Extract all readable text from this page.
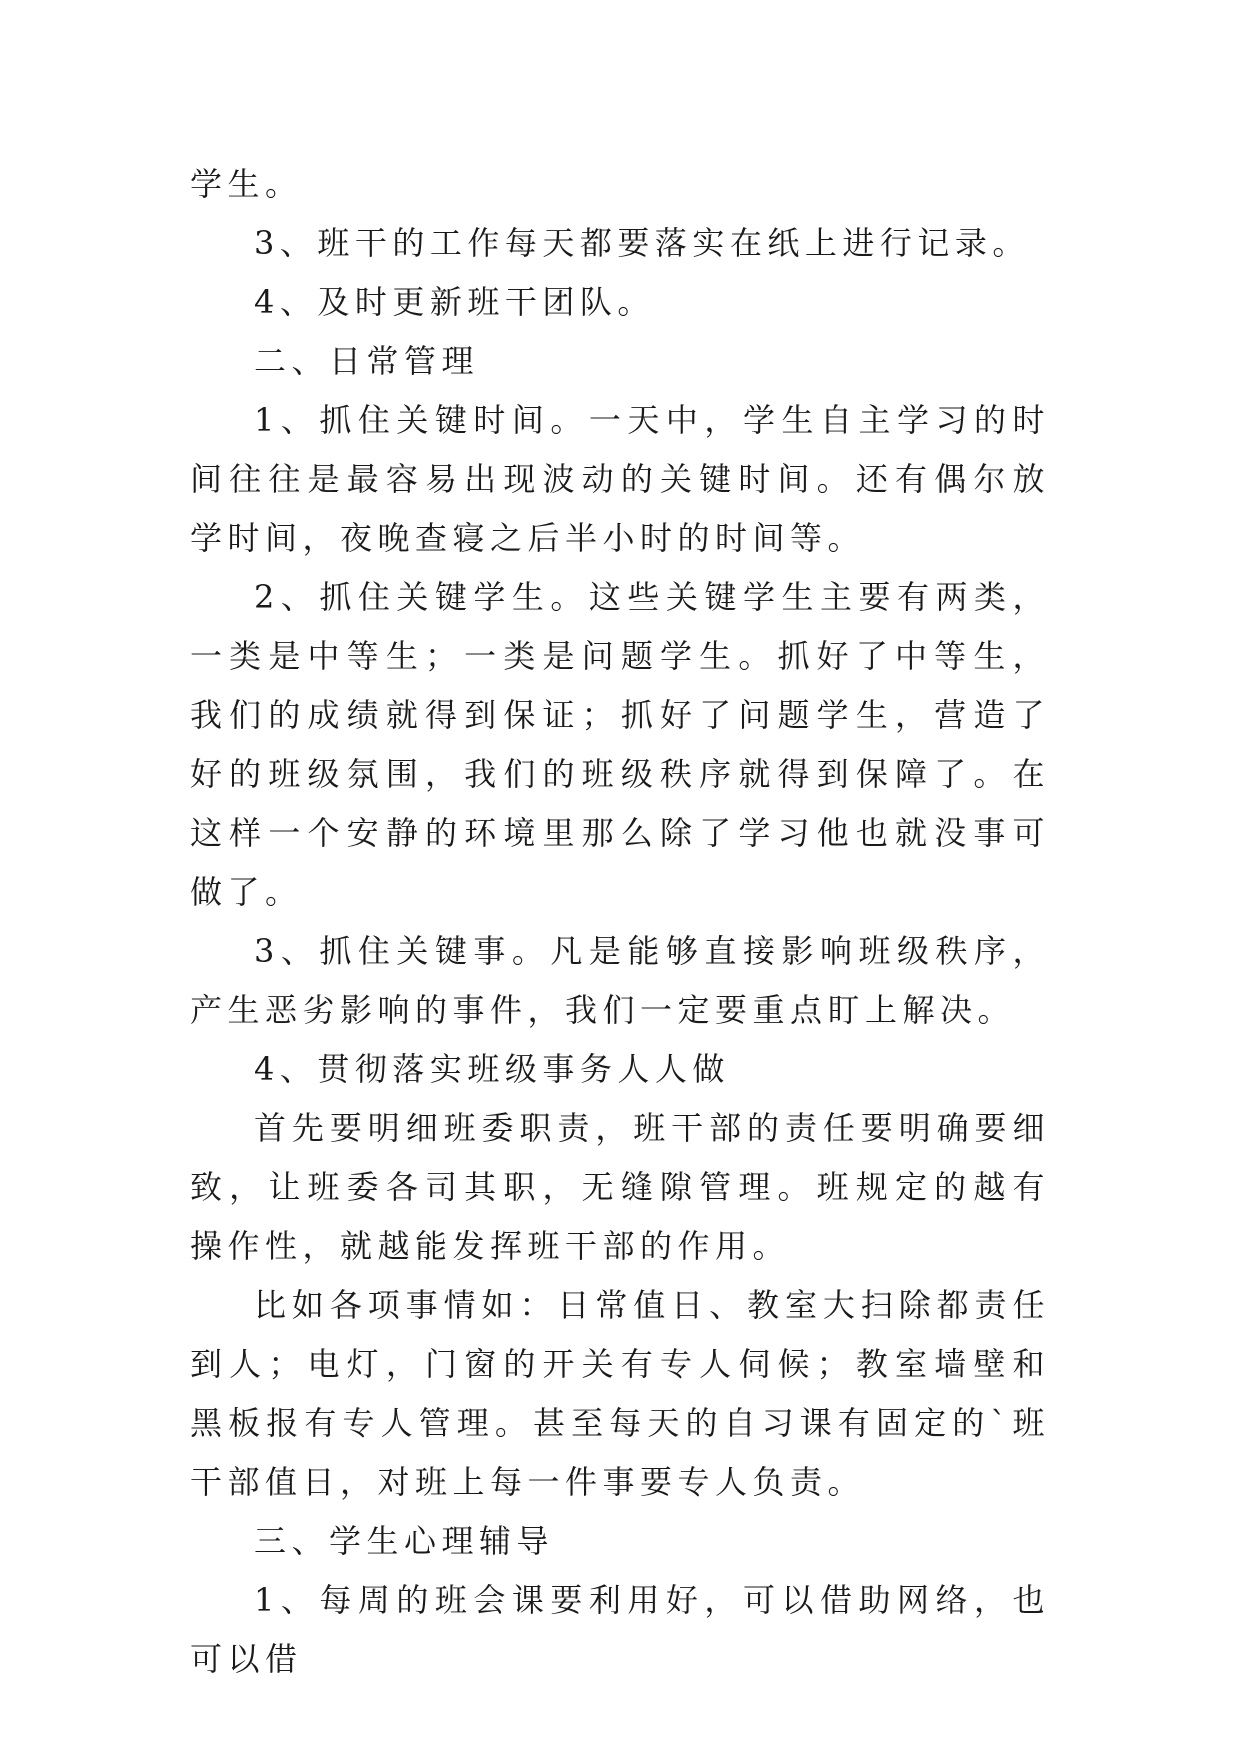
学生。

3、班干的工作每天都要落实在纸上进行记录。

4、及时更新班干团队。

二、日常管理

1、抓住关键时间。一天中，学生自主学习的时间往往是最容易出现波动的关键时间。还有偶尔放学时间，夜晚查寝之后半小时的时间等。

2、抓住关键学生。这些关键学生主要有两类，一类是中等生；一类是问题学生。抓好了中等生，我们的成绩就得到保证；抓好了问题学生，营造了好的班级氛围，我们的班级秩序就得到保障了。在这样一个安静的环境里那么除了学习他也就没事可做了。

3、抓住关键事。凡是能够直接影响班级秩序，产生恶劣影响的事件，我们一定要重点盯上解决。

4、贯彻落实班级事务人人做

首先要明细班委职责，班干部的责任要明确要细致，让班委各司其职，无缝隙管理。班规定的越有操作性，就越能发挥班干部的作用。

比如各项事情如：日常值日、教室大扫除都责任到人；电灯，门窗的开关有专人伺候；教室墙壁和黑板报有专人管理。甚至每天的自习课有固定的`班干部值日，对班上每一件事要专人负责。

三、学生心理辅导

1、每周的班会课要利用好，可以借助网络，也可以借
